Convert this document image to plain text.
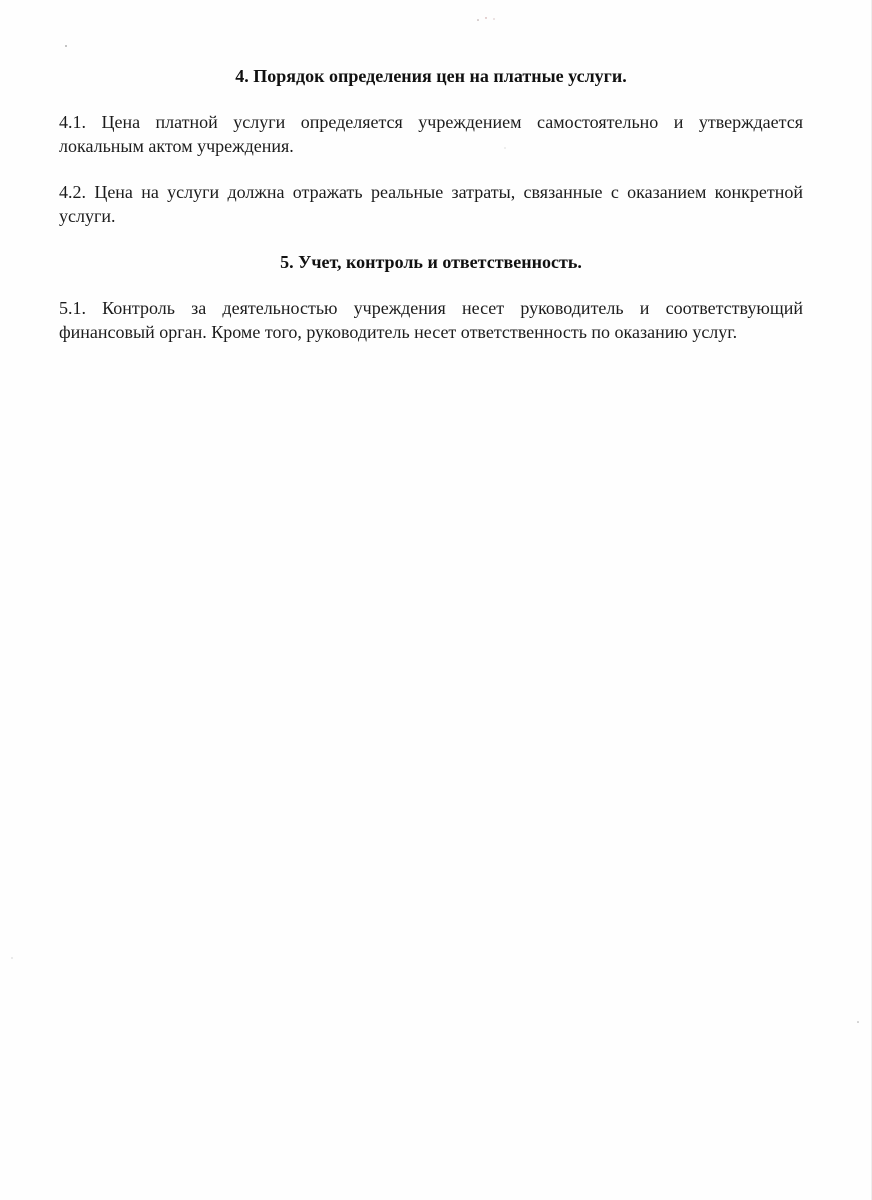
4. Порядок определения цен на платные услуги.

4.1. Цена платной услуги определяется учреждением самостоятельно и утверждается локальным актом учреждения.

4.2. Цена на услуги должна отражать реальные затраты, связанные с оказанием конкретной услуги.

5. Учет, контроль и ответственность.

5.1. Контроль за деятельностью учреждения несет руководитель и соответствующий финансовый орган. Кроме того, руководитель несет ответственность по оказанию услуг.
